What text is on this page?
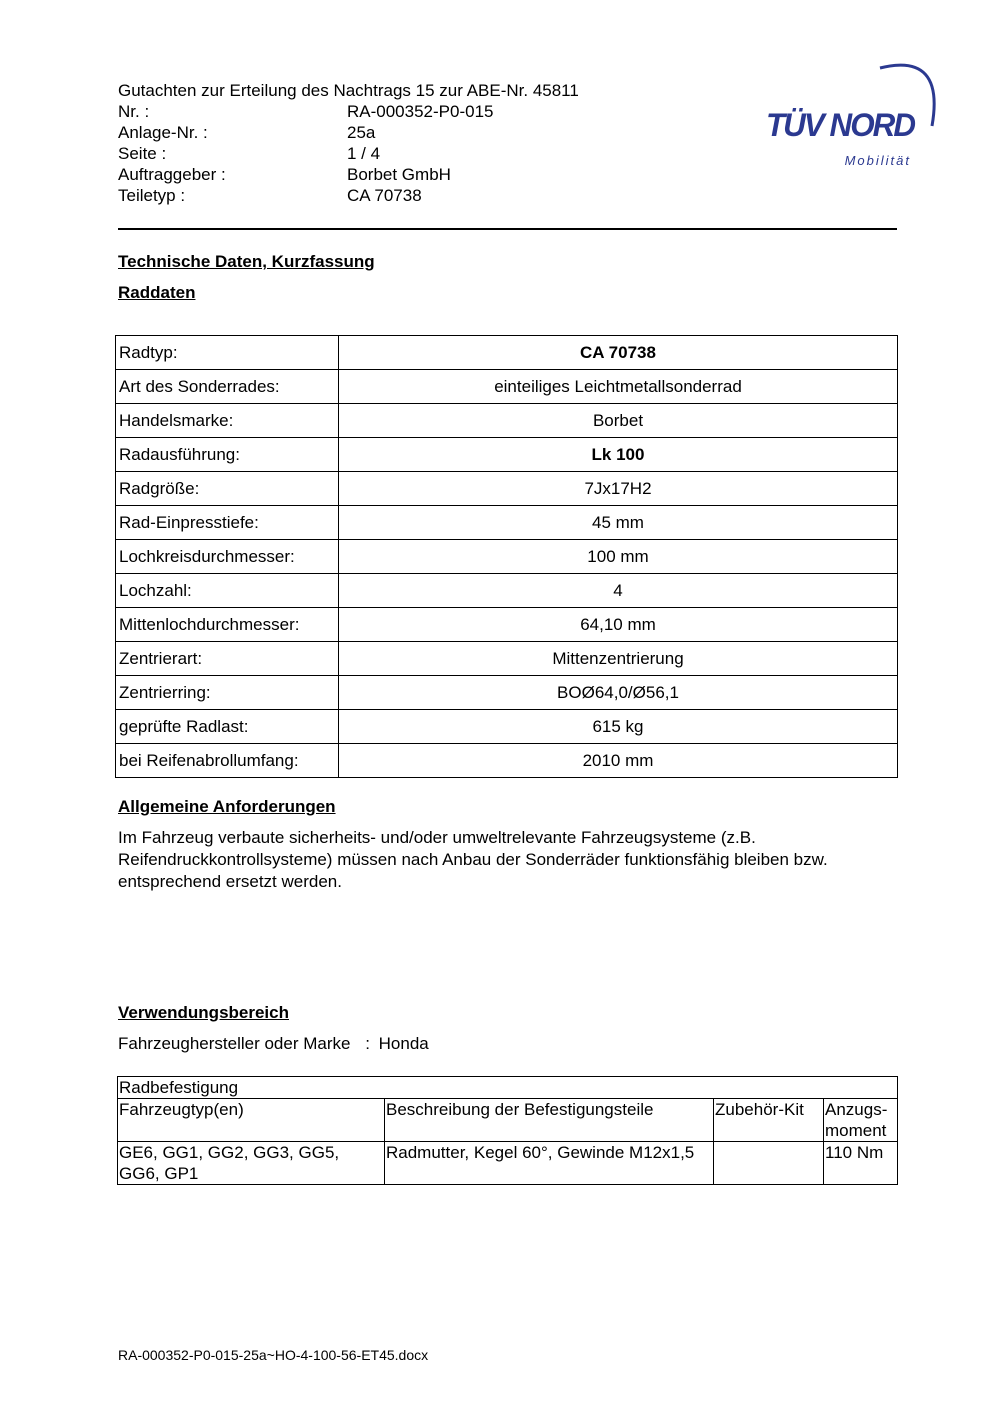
Gutachten zur Erteilung des Nachtrags 15 zur ABE-Nr. 45811
Nr. :	RA-000352-P0-015
Anlage-Nr. :	25a
Seite :	1 / 4
Auftraggeber :	Borbet GmbH
Teiletyp :	CA 70738
TÜV NORD
Mobilität
Technische Daten, Kurzfassung
Raddaten
Radtyp:	CA 70738
Art des Sonderrades:	einteiliges Leichtmetallsonderrad
Handelsmarke:	Borbet
Radausführung:	Lk 100
Radgröße:	7Jx17H2
Rad-Einpresstiefe:	45 mm
Lochkreisdurchmesser:	100 mm
Lochzahl:	4
Mittenlochdurchmesser:	64,10 mm
Zentrierart:	Mittenzentrierung
Zentrierring:	BOØ64,0/Ø56,1
geprüfte Radlast:	615 kg
bei Reifenabrollumfang:	2010 mm
Allgemeine Anforderungen
Im Fahrzeug verbaute sicherheits- und/oder umweltrelevante Fahrzeugsysteme (z.B. Reifendruckkontrollsysteme) müssen nach Anbau der Sonderräder funktionsfähig bleiben bzw. entsprechend ersetzt werden.
Verwendungsbereich
Fahrzeughersteller oder Marke : Honda
Radbefestigung			
Fahrzeugtyp(en)	Beschreibung der Befestigungsteile	Zubehör-Kit	Anzugs-
moment
GE6, GG1, GG2, GG3, GG5, GG6, GP1	Radmutter, Kegel 60°, Gewinde M12x1,5		110 Nm
RA-000352-P0-015-25a~HO-4-100-56-ET45.docx
